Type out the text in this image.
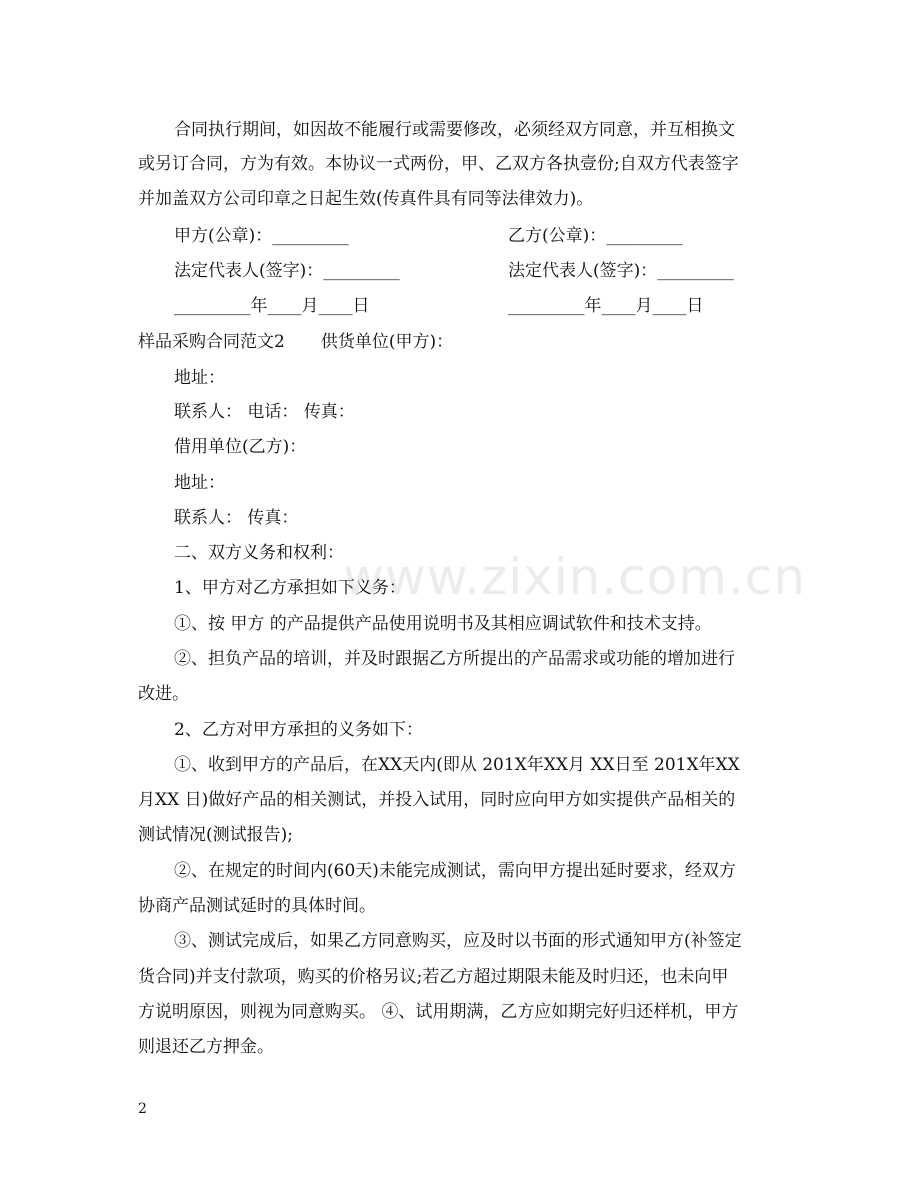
合同执行期间，如因故不能履行或需要修改，必须经双方同意，并互相换文
或另订合同，方为有效。本协议一式两份，甲、乙双方各执壹份;自双方代表签字
并加盖双方公司印章之日起生效(传真件具有同等法律效力)。
甲方(公章)：_________	乙方(公章)：_________
法定代表人(签字)：_________	法定代表人(签字)：_________
_________年____月____日	_________年____月____日
样品采购合同范文2 供货单位(甲方)：
地址：
联系人： 电话： 传真：
借用单位(乙方)：
地址：
联系人： 传真：
二、双方义务和权利：
1、甲方对乙方承担如下义务：
①、按 甲方 的产品提供产品使用说明书及其相应调试软件和技术支持。
②、担负产品的培训，并及时跟据乙方所提出的产品需求或功能的增加进行
改进。
2、乙方对甲方承担的义务如下：
①、收到甲方的产品后，在XX天内(即从 201X年XX月 XX日至 201X年XX
月XX 日)做好产品的相关测试，并投入试用，同时应向甲方如实提供产品相关的
测试情况(测试报告);
②、在规定的时间内(60天)未能完成测试，需向甲方提出延时要求，经双方
协商产品测试延时的具体时间。
③、测试完成后，如果乙方同意购买，应及时以书面的形式通知甲方(补签定
货合同)并支付款项，购买的价格另议;若乙方超过期限未能及时归还，也未向甲
方说明原因，则视为同意购买。 ④、试用期满，乙方应如期完好归还样机，甲方
则退还乙方押金。
www.zixin.com.cn
2
